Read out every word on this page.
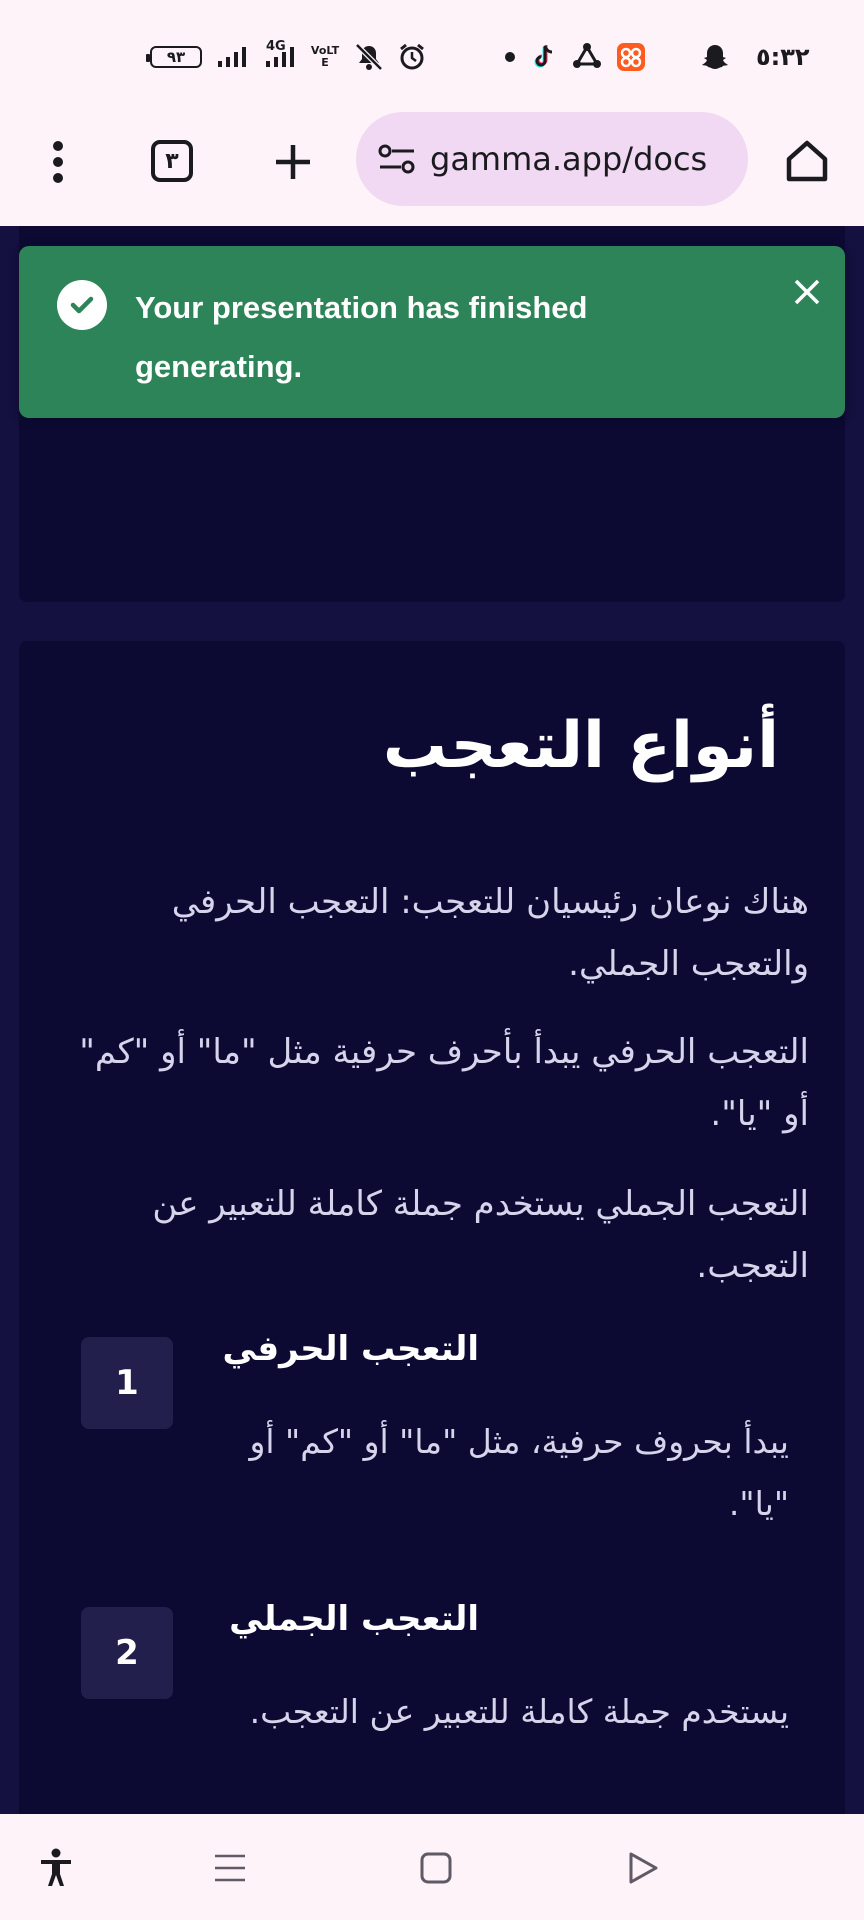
٩٣
4G VoLTE	٥:٣٢
٣	gamma.app/docs
أنواع التعجب
هناك نوعان رئيسيان للتعجب: التعجب الحرفي والتعجب الجملي.
التعجب الحرفي يبدأ بأحرف حرفية مثل "ما" أو "كم" أو "يا".
التعجب الجملي يستخدم جملة كاملة للتعبير عن التعجب.
1
التعجب الحرفي
يبدأ بحروف حرفية، مثل "ما" أو "كم" أو "يا".
2
التعجب الجملي
يستخدم جملة كاملة للتعبير عن التعجب.
Your presentation has finished
generating.
